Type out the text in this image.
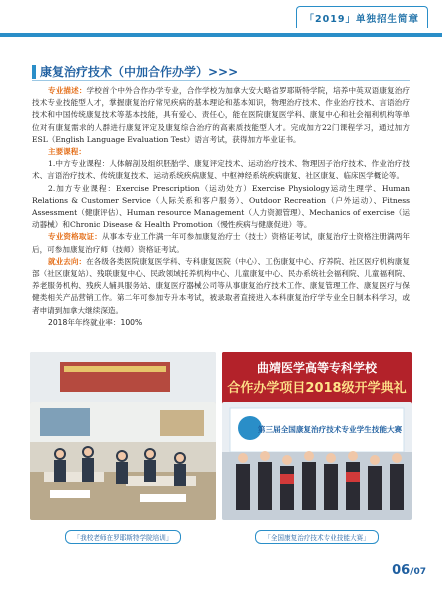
「2019」单独招生简章
康复治疗技术（中加合作办学）>>>

专业描述：学校首个中外合作办学专业，合作学校为加拿大安大略省罗耶斯特学院，培养中英双语康复治疗技术专业技能型人才，掌握康复治疗常见疾病的基本理论和基本知识，物理治疗技术、作业治疗技术、言语治疗技术和中国传统康复技术等基本技能，具有爱心、责任心，能在医院康复医学科、康复中心和社会福利机构等单位对有康复需求的人群进行康复评定及康复综合治疗的高素质技能型人才。完成加方22门课程学习，通过加方ESL（English Language Evaluation Test）语言考试，获得加方毕业证书。

主要课程：

1.中方专业课程：人体解剖及组织胚胎学、康复评定技术、运动治疗技术、物理因子治疗技术、作业治疗技术、言语治疗技术、传统康复技术、运动系统疾病康复、中枢神经系统疾病康复、社区康复、临床医学概论等。

2.加方专业课程：Exercise Prescription（运动处方）Exercise Physiology运动生理学、Human Relations & Customer Service（人际关系和客户服务）、Outdoor Recreation（户外运动）、Fitness Assessment（健康评估）、Human resource Management（人力资源管理）、Mechanics of exercise（运动器械）和Chronic Disease & Health Promotion（慢性疾病与健康促进）等。

专业资格取证：从事本专业工作满一年可参加康复治疗士（技士）资格证考试，康复治疗士资格注册满两年后，可参加康复治疗师（技师）资格证考试。

就业去向：在各级各类医院康复医学科、专科康复医院（中心）、工伤康复中心、疗养院、社区医疗机构康复部（社区康复站）、残联康复中心、民政领域托养机构中心、儿童康复中心、民办系统社会福利院、儿童福利院、养老服务机构、残疾人辅具服务站、康复医疗器械公司等从事康复治疗技术工作、康复管理工作、康复医疗与保健类相关产品营销工作。第二年可参加专升本考试，被录取者直接进入本科康复治疗学专业全日制本科学习，或者申请到加拿大继续深造。

2018年年终就业率：100%

曲靖医学高等专科学校
合作办学项目2018级开学典礼
「我校老师在罗耶斯特学院培训」
第三届全国康复治疗技术专业学生技能大赛
「全国康复治疗技术专业技能大赛」
06/07
